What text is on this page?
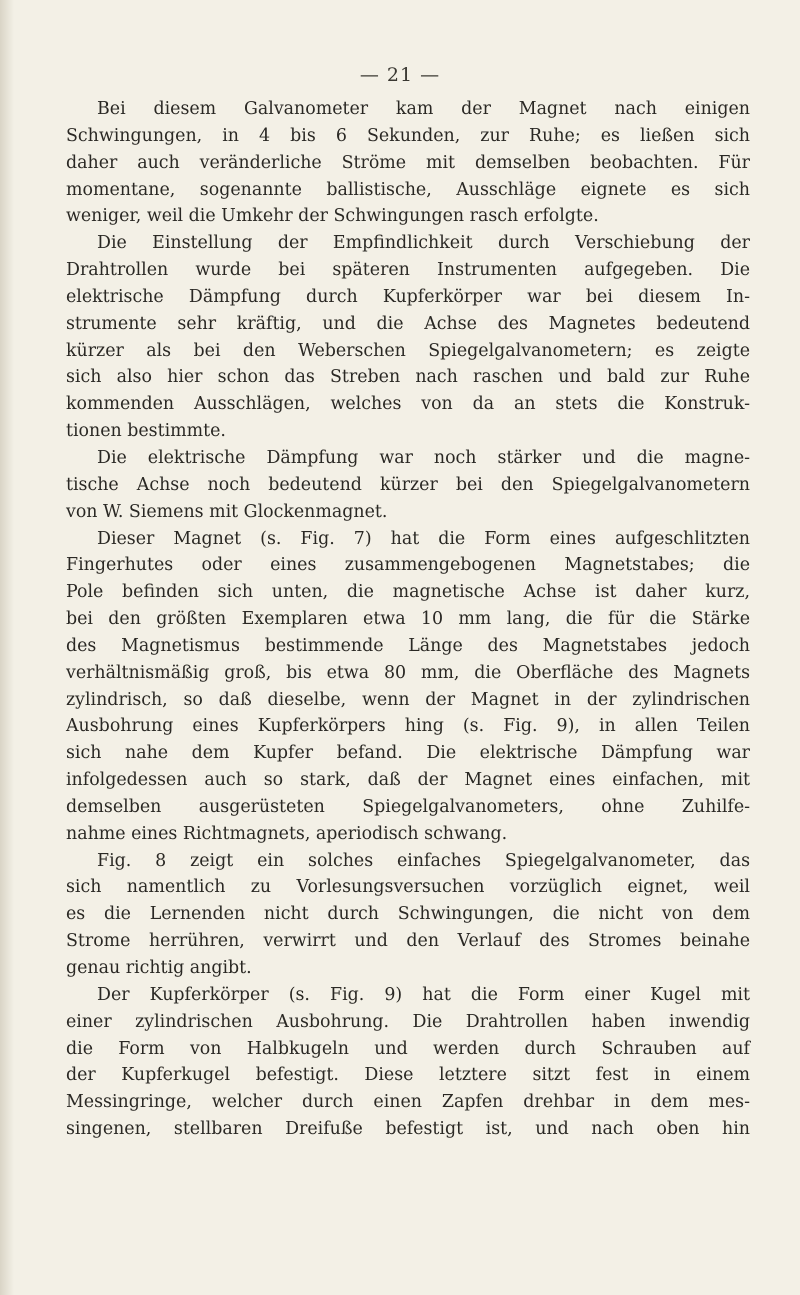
— 21 —
Bei diesem Galvanometer kam der Magnet nach einigen
Schwingungen, in 4 bis 6 Sekunden, zur Ruhe; es ließen sich
daher auch veränderliche Ströme mit demselben beobachten. Für
momentane, sogenannte ballistische, Ausschläge eignete es sich
weniger, weil die Umkehr der Schwingungen rasch erfolgte.
Die Einstellung der Empfindlichkeit durch Verschiebung der
Drahtrollen wurde bei späteren Instrumenten aufgegeben. Die
elektrische Dämpfung durch Kupferkörper war bei diesem In-
strumente sehr kräftig, und die Achse des Magnetes bedeutend
kürzer als bei den Weberschen Spiegelgalvanometern; es zeigte
sich also hier schon das Streben nach raschen und bald zur Ruhe
kommenden Ausschlägen, welches von da an stets die Konstruk-
tionen bestimmte.
Die elektrische Dämpfung war noch stärker und die magne-
tische Achse noch bedeutend kürzer bei den Spiegelgalvanometern
von W. Siemens mit Glockenmagnet.
Dieser Magnet (s. Fig. 7) hat die Form eines aufgeschlitzten
Fingerhutes oder eines zusammengebogenen Magnetstabes; die
Pole befinden sich unten, die magnetische Achse ist daher kurz,
bei den größten Exemplaren etwa 10 mm lang, die für die Stärke
des Magnetismus bestimmende Länge des Magnetstabes jedoch
verhältnismäßig groß, bis etwa 80 mm, die Oberfläche des Magnets
zylindrisch, so daß dieselbe, wenn der Magnet in der zylindrischen
Ausbohrung eines Kupferkörpers hing (s. Fig. 9), in allen Teilen
sich nahe dem Kupfer befand. Die elektrische Dämpfung war
infolgedessen auch so stark, daß der Magnet eines einfachen, mit
demselben ausgerüsteten Spiegelgalvanometers, ohne Zuhilfe-
nahme eines Richtmagnets, aperiodisch schwang.
Fig. 8 zeigt ein solches einfaches Spiegelgalvanometer, das
sich namentlich zu Vorlesungsversuchen vorzüglich eignet, weil
es die Lernenden nicht durch Schwingungen, die nicht von dem
Strome herrühren, verwirrt und den Verlauf des Stromes beinahe
genau richtig angibt.
Der Kupferkörper (s. Fig. 9) hat die Form einer Kugel mit
einer zylindrischen Ausbohrung. Die Drahtrollen haben inwendig
die Form von Halbkugeln und werden durch Schrauben auf
der Kupferkugel befestigt. Diese letztere sitzt fest in einem
Messingringe, welcher durch einen Zapfen drehbar in dem mes-
singenen, stellbaren Dreifuße befestigt ist, und nach oben hin
